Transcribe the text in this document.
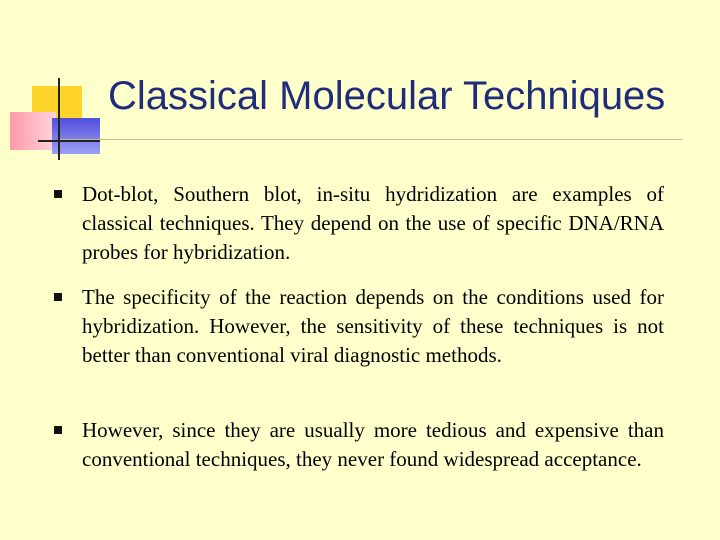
Classical Molecular Techniques

Dot-blot, Southern blot, in-situ hydridization are examples of classical techniques. They depend on the use of specific DNA/RNA probes for hybridization.

The specificity of the reaction depends on the conditions used for hybridization. However, the sensitivity of these techniques is not better than conventional viral diagnostic methods.

However, since they are usually more tedious and expensive than conventional techniques, they never found widespread acceptance.
